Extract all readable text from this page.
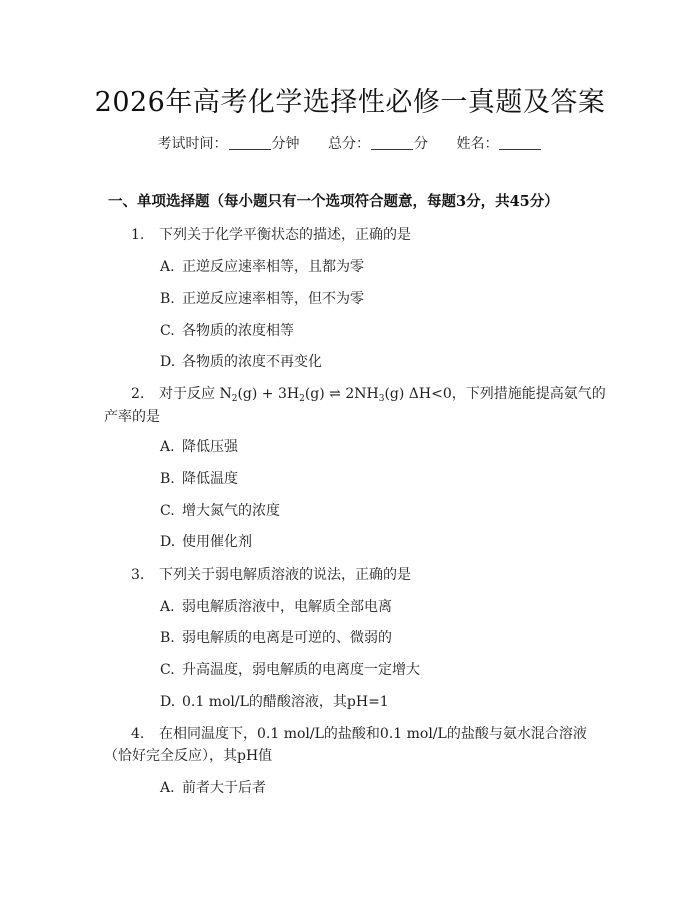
2026年高考化学选择性必修一真题及答案
考试时间：	分钟 总分：	分 姓名：
一、单项选择题（每小题只有一个选项符合题意，每题3分，共45分）
1. 下列关于化学平衡状态的描述，正确的是
A. 正逆反应速率相等，且都为零
B. 正逆反应速率相等，但不为零
C. 各物质的浓度相等
D. 各物质的浓度不再变化
2. 对于反应 $N_2(g) + 3H_2(g)$ ⇌ $2NH_3(g)$ ΔH<0，下列措施能提高氨气的
产率的是
A. 降低压强
B. 降低温度
C. 增大氮气的浓度
D. 使用催化剂
3. 下列关于弱电解质溶液的说法，正确的是
A. 弱电解质溶液中，电解质全部电离
B. 弱电解质的电离是可逆的、微弱的
C. 升高温度，弱电解质的电离度一定增大
D. 0.1 mol/L的醋酸溶液，其pH=1
4. 在相同温度下，0.1 mol/L的盐酸和0.1 mol/L的盐酸与氨水混合溶液
（恰好完全反应），其pH值
A. 前者大于后者
